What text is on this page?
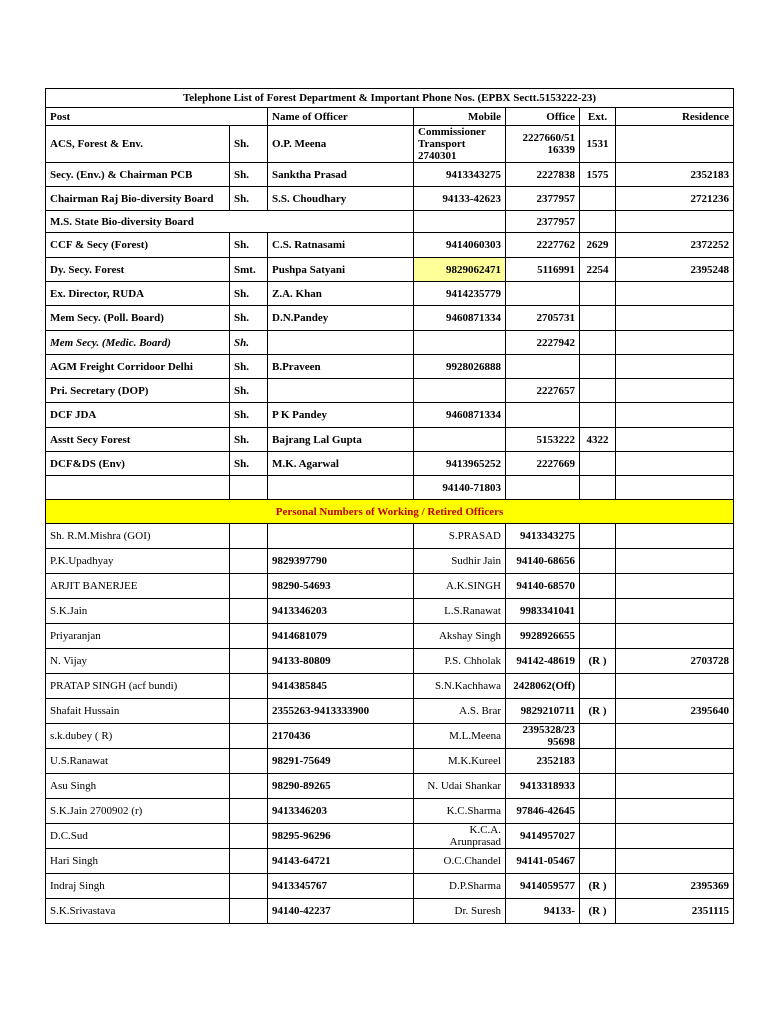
Telephone List of Forest Department & Important Phone Nos. (EPBX Sectt.5153222-23)						
Post		Name of Officer	Mobile	Office	Ext.	Residence
ACS, Forest & Env.	Sh.	O.P. Meena	Commissioner Transport 2740301	2227660/51 16339	1531	
Secy. (Env.) & Chairman PCB	Sh.	Sanktha Prasad	9413343275	2227838	1575	2352183
Chairman Raj Bio-diversity Board	Sh.	S.S. Choudhary	94133-42623	2377957		2721236
M.S. State Bio-diversity Board				2377957		
CCF & Secy (Forest)	Sh.	C.S. Ratnasami	9414060303	2227762	2629	2372252
Dy. Secy. Forest	Smt.	Pushpa Satyani	9829062471	5116991	2254	2395248
Ex. Director, RUDA	Sh.	Z.A. Khan	9414235779			
Mem Secy. (Poll. Board)	Sh.	D.N.Pandey	9460871334	2705731		
Mem Secy. (Medic. Board)	Sh.			2227942		
AGM Freight Corridoor Delhi	Sh.	B.Praveen	9928026888			
Pri. Secretary (DOP)	Sh.			2227657		
DCF JDA	Sh.	P K Pandey	9460871334			
Asstt Secy Forest	Sh.	Bajrang Lal Gupta		5153222	4322	
DCF&DS (Env)	Sh.	M.K. Agarwal	9413965252	2227669		
			94140-71803			
Personal Numbers of Working / Retired Officers						
Sh. R.M.Mishra (GOI)			S.PRASAD	9413343275		
P.K.Upadhyay		9829397790	Sudhir Jain	94140-68656		
ARJIT BANERJEE		98290-54693	A.K.SINGH	94140-68570		
S.K.Jain		9413346203	L.S.Ranawat	9983341041		
Priyaranjan		9414681079	Akshay Singh	9928926655		
N. Vijay		94133-80809	P.S. Chholak	94142-48619	(R )	2703728
PRATAP SINGH (acf bundi)		9414385845	S.N.Kachhawa	2428062(Off)		
Shafait Hussain		2355263-9413333900	A.S. Brar	9829210711	(R )	2395640
s.k.dubey ( R)		2170436	M.L.Meena	2395328/23 95698		
U.S.Ranawat		98291-75649	M.K.Kureel	2352183		
Asu Singh		98290-89265	N. Udai Shankar	9413318933		
S.K.Jain 2700902 (r)		9413346203	K.C.Sharma	97846-42645		
D.C.Sud		98295-96296	K.C.A. Arunprasad	9414957027		
Hari Singh		94143-64721	O.C.Chandel	94141-05467		
Indraj Singh		9413345767	D.P.Sharma	9414059577	(R )	2395369
S.K.Srivastava		94140-42237	Dr. Suresh	94133-	(R )	2351115
